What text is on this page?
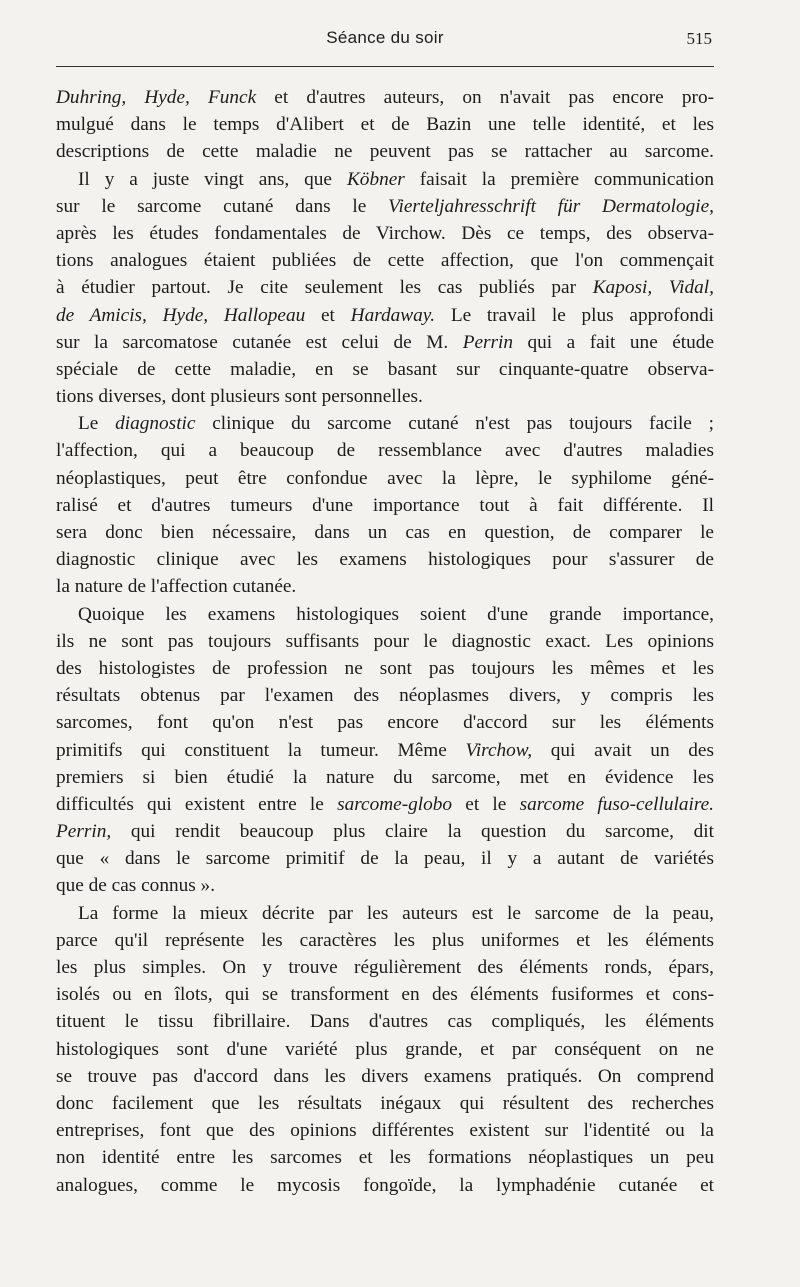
Séance du soir	515
Duhring, Hyde, Funck et d'autres auteurs, on n'avait pas encore pro-
mulgué dans le temps d'Alibert et de Bazin une telle identité, et les
descriptions de cette maladie ne peuvent pas se rattacher au sarcome.
Il y a juste vingt ans, que Köbner faisait la première communication
sur le sarcome cutané dans le Vierteljahresschrift für Dermatologie,
après les études fondamentales de Virchow. Dès ce temps, des observa-
tions analogues étaient publiées de cette affection, que l'on commençait
à étudier partout. Je cite seulement les cas publiés par Kaposi, Vidal,
de Amicis, Hyde, Hallopeau et Hardaway. Le travail le plus approfondi
sur la sarcomatose cutanée est celui de M. Perrin qui a fait une étude
spéciale de cette maladie, en se basant sur cinquante-quatre observa-
tions diverses, dont plusieurs sont personnelles.
Le diagnostic clinique du sarcome cutané n'est pas toujours facile ;
l'affection, qui a beaucoup de ressemblance avec d'autres maladies
néoplastiques, peut être confondue avec la lèpre, le syphilome géné-
ralisé et d'autres tumeurs d'une importance tout à fait différente. Il
sera donc bien nécessaire, dans un cas en question, de comparer le
diagnostic clinique avec les examens histologiques pour s'assurer de
la nature de l'affection cutanée.
Quoique les examens histologiques soient d'une grande importance,
ils ne sont pas toujours suffisants pour le diagnostic exact. Les opinions
des histologistes de profession ne sont pas toujours les mêmes et les
résultats obtenus par l'examen des néoplasmes divers, y compris les
sarcomes, font qu'on n'est pas encore d'accord sur les éléments
primitifs qui constituent la tumeur. Même Virchow, qui avait un des
premiers si bien étudié la nature du sarcome, met en évidence les
difficultés qui existent entre le sarcome-globo et le sarcome fuso-cellulaire.
Perrin, qui rendit beaucoup plus claire la question du sarcome, dit
que « dans le sarcome primitif de la peau, il y a autant de variétés
que de cas connus ».
La forme la mieux décrite par les auteurs est le sarcome de la peau,
parce qu'il représente les caractères les plus uniformes et les éléments
les plus simples. On y trouve régulièrement des éléments ronds, épars,
isolés ou en îlots, qui se transforment en des éléments fusiformes et cons-
tituent le tissu fibrillaire. Dans d'autres cas compliqués, les éléments
histologiques sont d'une variété plus grande, et par conséquent on ne
se trouve pas d'accord dans les divers examens pratiqués. On comprend
donc facilement que les résultats inégaux qui résultent des recherches
entreprises, font que des opinions différentes existent sur l'identité ou la
non identité entre les sarcomes et les formations néoplastiques un peu
analogues, comme le mycosis fongoïde, la lymphadénie cutanée et
